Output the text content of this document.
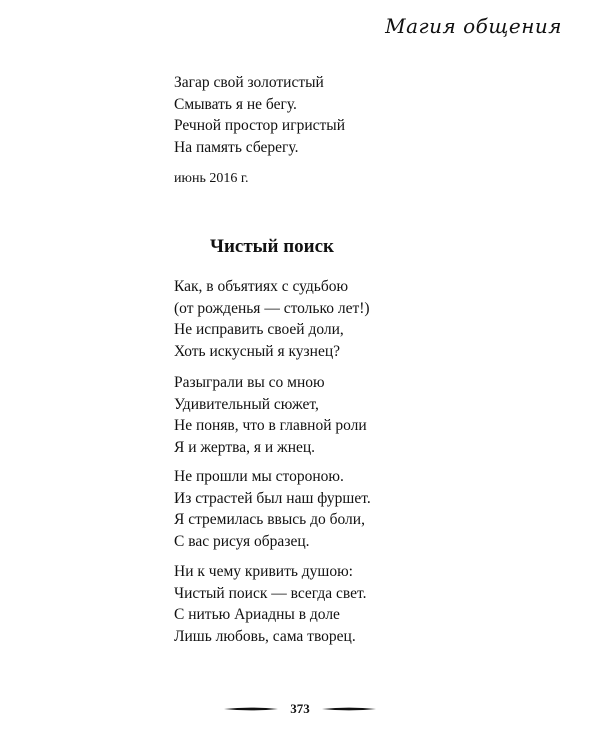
Магия общения
Загар свой золотистый
Смывать я не бегу.
Речной простор игристый
На память сберегу.
июнь 2016 г.
Чистый поиск
Как, в объятиях с судьбою
(от рожденья — столько лет!)
Не исправить своей доли,
Хоть искусный я кузнец?
Разыграли вы со мною
Удивительный сюжет,
Не поняв, что в главной роли
Я и жертва, я и жнец.
Не прошли мы стороною.
Из страстей был наш фуршет.
Я стремилась ввысь до боли,
С вас рисуя образец.
Ни к чему кривить душою:
Чистый поиск — всегда свет.
С нитью Ариадны в доле
Лишь любовь, сама творец.
373
